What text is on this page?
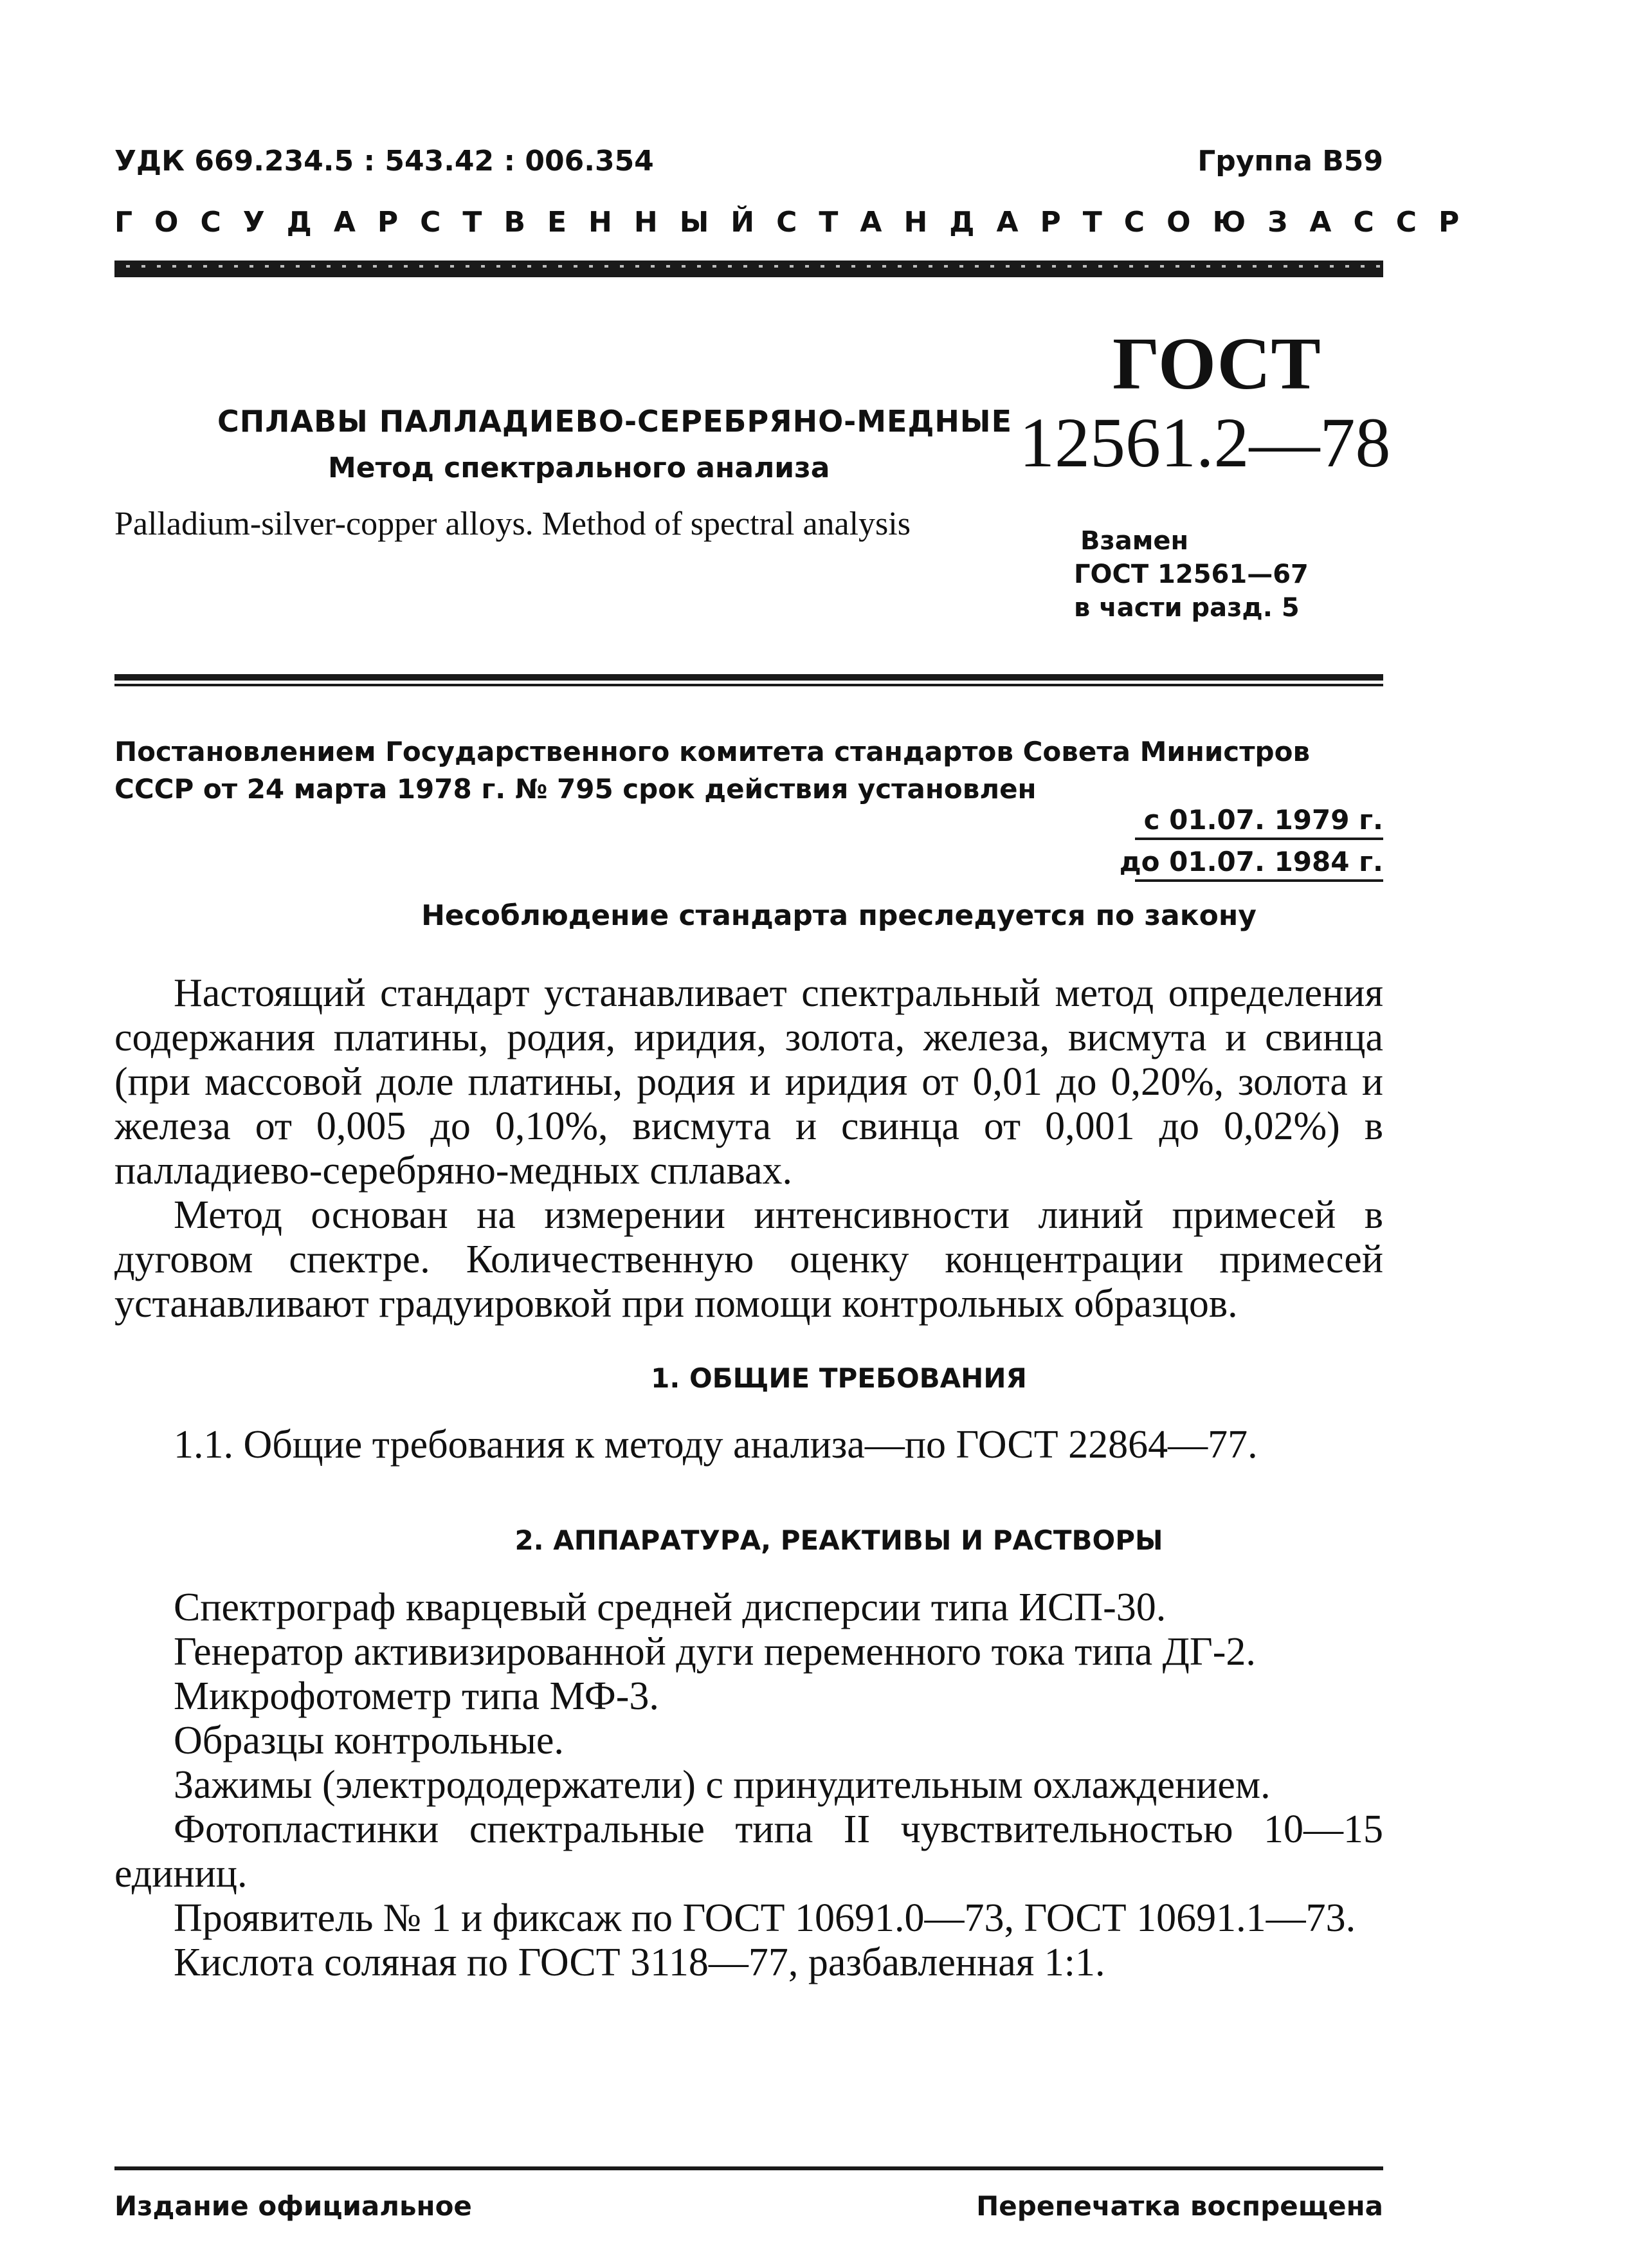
УДК 669.234.5 : 543.42 : 006.354	Группа В59
ГОСУДАРСТВЕННЫЙ СТАНДАРТ СОЮЗА ССР
СПЛАВЫ ПАЛЛАДИЕВО-СЕРЕБРЯНО-МЕДНЫЕ
Метод спектрального анализа
Palladium-silver-copper alloys. Method of spectral analysis
ГОСТ
12561.2—78
Взамен
ГОСТ 12561—67
в части разд. 5
Постановлением Государственного комитета стандартов Совета Министров СССР от 24 марта 1978 г. № 795 срок действия установлен
с 01.07. 1979 г.
до 01.07. 1984 г.
Несоблюдение стандарта преследуется по закону

Настоящий стандарт устанавливает спектральный метод определения содержания платины, родия, иридия, золота, железа, висмута и свинца (при массовой доле платины, родия и иридия от 0,01 до 0,20%, золота и железа от 0,005 до 0,10%, висмута и свинца от 0,001 до 0,02%) в палладиево-серебряно-медных сплавах.

Метод основан на измерении интенсивности линий примесей в дуговом спектре. Количественную оценку концентрации примесей устанавливают градуировкой при помощи контрольных образцов.

1. ОБЩИЕ ТРЕБОВАНИЯ

1.1. Общие требования к методу анализа—по ГОСТ 22864—77.

2. АППАРАТУРА, РЕАКТИВЫ И РАСТВОРЫ

Спектрограф кварцевый средней дисперсии типа ИСП-30.

Генератор активизированной дуги переменного тока типа ДГ-2.

Микрофотометр типа МФ-3.

Образцы контрольные.

Зажимы (электрододержатели) с принудительным охлаждением.

Фотопластинки спектральные типа II чувствительностью 10—15 единиц.

Проявитель № 1 и фиксаж по ГОСТ 10691.0—73, ГОСТ 10691.1—73.

Кислота соляная по ГОСТ 3118—77, разбавленная 1:1.

Издание официальное	Перепечатка воспрещена
